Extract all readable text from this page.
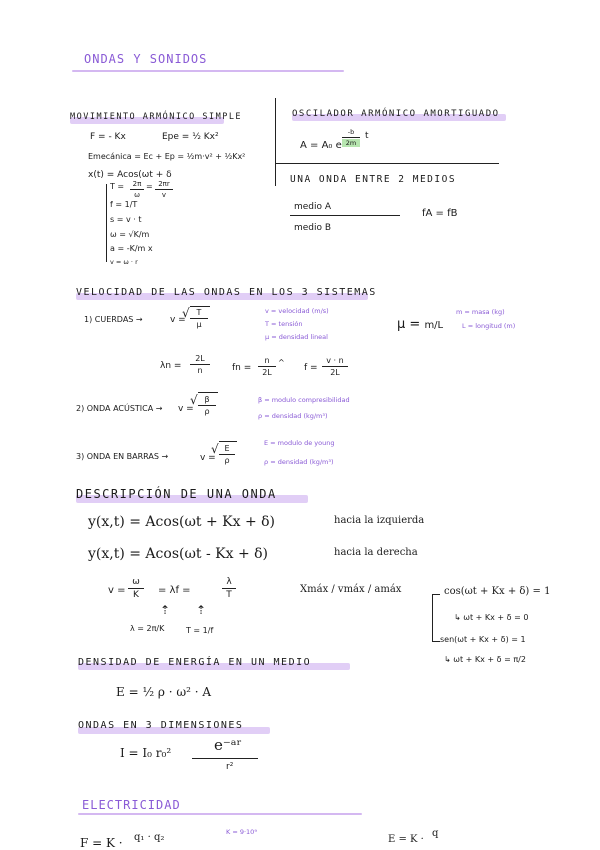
ONDAS Y SONIDOS
MOVIMIENTO ARMÓNICO SIMPLE
F = - Kx	Epe = ½ Kx²
Emecánica = Ec + Ep = ½m·v² + ½Kx²
x(t) = Acos(ωt + δ
T =	2π
ω
= 2πr
v
f = 1/T
s = v · t
ω = √K/m
a = -K/m x
v = ω · r
OSCILADOR ARMÓNICO AMORTIGUADO
A = A₀ e
-b
2m
t
UNA ONDA ENTRE 2 MEDIOS
medio A
medio B
fA = fB
VELOCIDAD DE LAS ONDAS EN LOS 3 SISTEMAS
1) CUERDAS →	v =
√ T
μ
v = velocidad (m/s)
T = tensión
μ = densidad lineal
μ = m/L
m = masa (kg)
L = longitud (m)
λn =
2L
n	fn =
n
2L
^
f =
v · n
2L
2) ONDA ACÚSTICA → v =
√ β
ρ
β = modulo compresibilidad
ρ = densidad (kg/m³)
3) ONDA EN BARRAS →	v =
√ E
ρ
E = modulo de young
ρ = densidad (kg/m³)
DESCRIPCIÓN DE UNA ONDA
y(x,t) = Acos(ωt + Kx + δ)	hacia la izquierda
y(x,t) = Acos(ωt - Kx + δ)	hacia la derecha
v =
ω
K	= λf =
λ
T
⇡ ⇡
λ = 2π/K	T = 1/f
Xmáx / vmáx / amáx	cos(ωt + Kx + δ) = 1
↳ ωt + Kx + δ = 0
sen(ωt + Kx + δ) = 1
↳ ωt + Kx + δ = π/2
DENSIDAD DE ENERGÍA EN UN MEDIO
E = ½ ρ · ω² · A
ONDAS EN 3 DIMENSIONES
I = I₀ r₀²	e⁻ᵃʳ
r²
ELECTRICIDAD
F = K · q₁ · q₂	K = 9·10⁹
E = K ·
q
